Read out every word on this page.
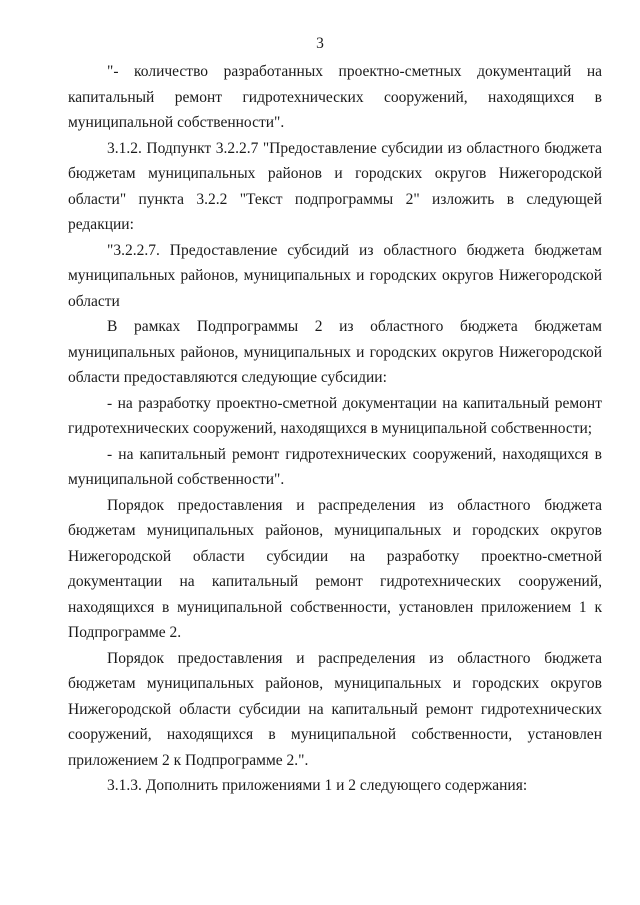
3

"- количество разработанных проектно-сметных документаций на капитальный ремонт гидротехнических сооружений, находящихся в муниципальной собственности".

3.1.2. Подпункт 3.2.2.7 "Предоставление субсидии из областного бюджета бюджетам муниципальных районов и городских округов Нижегородской области" пункта 3.2.2 "Текст подпрограммы 2" изложить в следующей редакции:

"3.2.2.7. Предоставление субсидий из областного бюджета бюджетам муниципальных районов, муниципальных и городских округов Нижегородской области

В рамках Подпрограммы 2 из областного бюджета бюджетам муниципальных районов, муниципальных и городских округов Нижегородской области предоставляются следующие субсидии:

- на разработку проектно-сметной документации на капитальный ремонт гидротехнических сооружений, находящихся в муниципальной собственности;

- на капитальный ремонт гидротехнических сооружений, находящихся в муниципальной собственности".

Порядок предоставления и распределения из областного бюджета бюджетам муниципальных районов, муниципальных и городских округов Нижегородской области субсидии на разработку проектно-сметной документации на капитальный ремонт гидротехнических сооружений, находящихся в муниципальной собственности, установлен приложением 1 к Подпрограмме 2.

Порядок предоставления и распределения из областного бюджета бюджетам муниципальных районов, муниципальных и городских округов Нижегородской области субсидии на капитальный ремонт гидротехнических сооружений, находящихся в муниципальной собственности, установлен приложением 2 к Подпрограмме 2.".

3.1.3. Дополнить приложениями 1 и 2 следующего содержания:
